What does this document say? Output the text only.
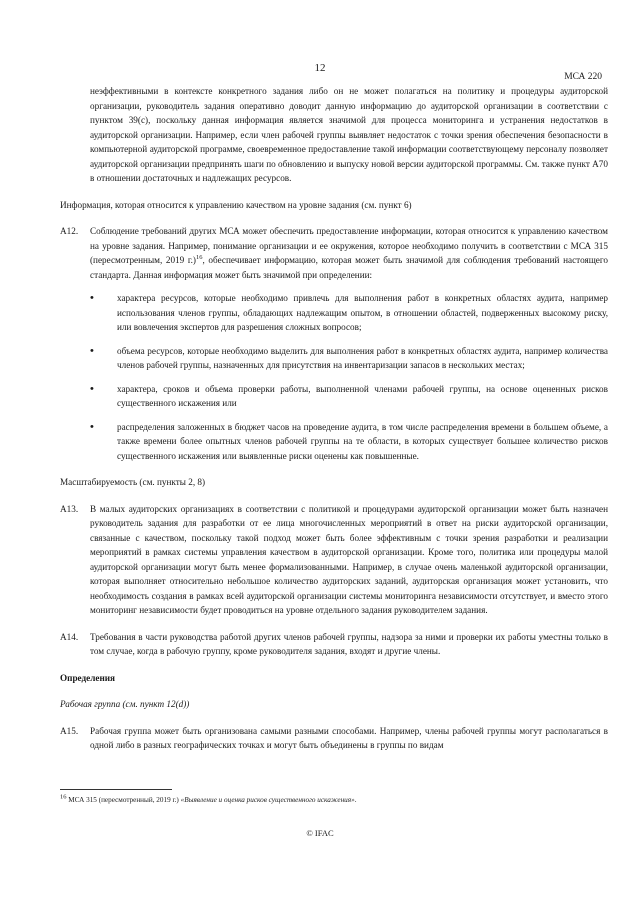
12
МСА 220
неэффективными в контексте конкретного задания либо он не может полагаться на политику и процедуры аудиторской организации, руководитель задания оперативно доводит данную информацию до аудиторской организации в соответствии с пунктом 39(с), поскольку данная информация является значимой для процесса мониторинга и устранения недостатков в аудиторской организации. Например, если член рабочей группы выявляет недостаток с точки зрения обеспечения безопасности в компьютерной аудиторской программе, своевременное предоставление такой информации соответствующему персоналу позволяет аудиторской организации предпринять шаги по обновлению и выпуску новой версии аудиторской программы. См. также пункт А70 в отношении достаточных и надлежащих ресурсов.
Информация, которая относится к управлению качеством на уровне задания (см. пункт 6)
А12.	Соблюдение требований других МСА может обеспечить предоставление информации, которая относится к управлению качеством на уровне задания. Например, понимание организации и ее окружения, которое необходимо получить в соответствии с МСА 315 (пересмотренным, 2019 г.)$^{16}$, обеспечивает информацию, которая может быть значимой для соблюдения требований настоящего стандарта. Данная информация может быть значимой при определении:
•	характера ресурсов, которые необходимо привлечь для выполнения работ в конкретных областях аудита, например использования членов группы, обладающих надлежащим опытом, в отношении областей, подверженных высокому риску, или вовлечения экспертов для разрешения сложных вопросов;
•	объема ресурсов, которые необходимо выделить для выполнения работ в конкретных областях аудита, например количества членов рабочей группы, назначенных для присутствия на инвентаризации запасов в нескольких местах;
•	характера, сроков и объема проверки работы, выполненной членами рабочей группы, на основе оцененных рисков существенного искажения или
•	распределения заложенных в бюджет часов на проведение аудита, в том числе распределения времени в большем объеме, а также времени более опытных членов рабочей группы на те области, в которых существует большее количество рисков существенного искажения или выявленные риски оценены как повышенные.
Масштабируемость (см. пункты 2, 8)
А13.	В малых аудиторских организациях в соответствии с политикой и процедурами аудиторской организации может быть назначен руководитель задания для разработки от ее лица многочисленных мероприятий в ответ на риски аудиторской организации, связанные с качеством, поскольку такой подход может быть более эффективным с точки зрения разработки и реализации мероприятий в рамках системы управления качеством в аудиторской организации. Кроме того, политика или процедуры малой аудиторской организации могут быть менее формализованными. Например, в случае очень маленькой аудиторской организации, которая выполняет относительно небольшое количество аудиторских заданий, аудиторская организация может установить, что необходимость создания в рамках всей аудиторской организации системы мониторинга независимости отсутствует, и вместо этого мониторинг независимости будет проводиться на уровне отдельного задания руководителем задания.
А14.	Требования в части руководства работой других членов рабочей группы, надзора за ними и проверки их работы уместны только в том случае, когда в рабочую группу, кроме руководителя задания, входят и другие члены.
Определения
Рабочая группа (см. пункт 12(d))
А15.	Рабочая группа может быть организована самыми разными способами. Например, члены рабочей группы могут располагаться в одной либо в разных географических точках и могут быть объединены в группы по видам
$^{16}$ МСА 315 (пересмотренный, 2019 г.) «Выявление и оценка рисков существенного искажения».
© IFAC
